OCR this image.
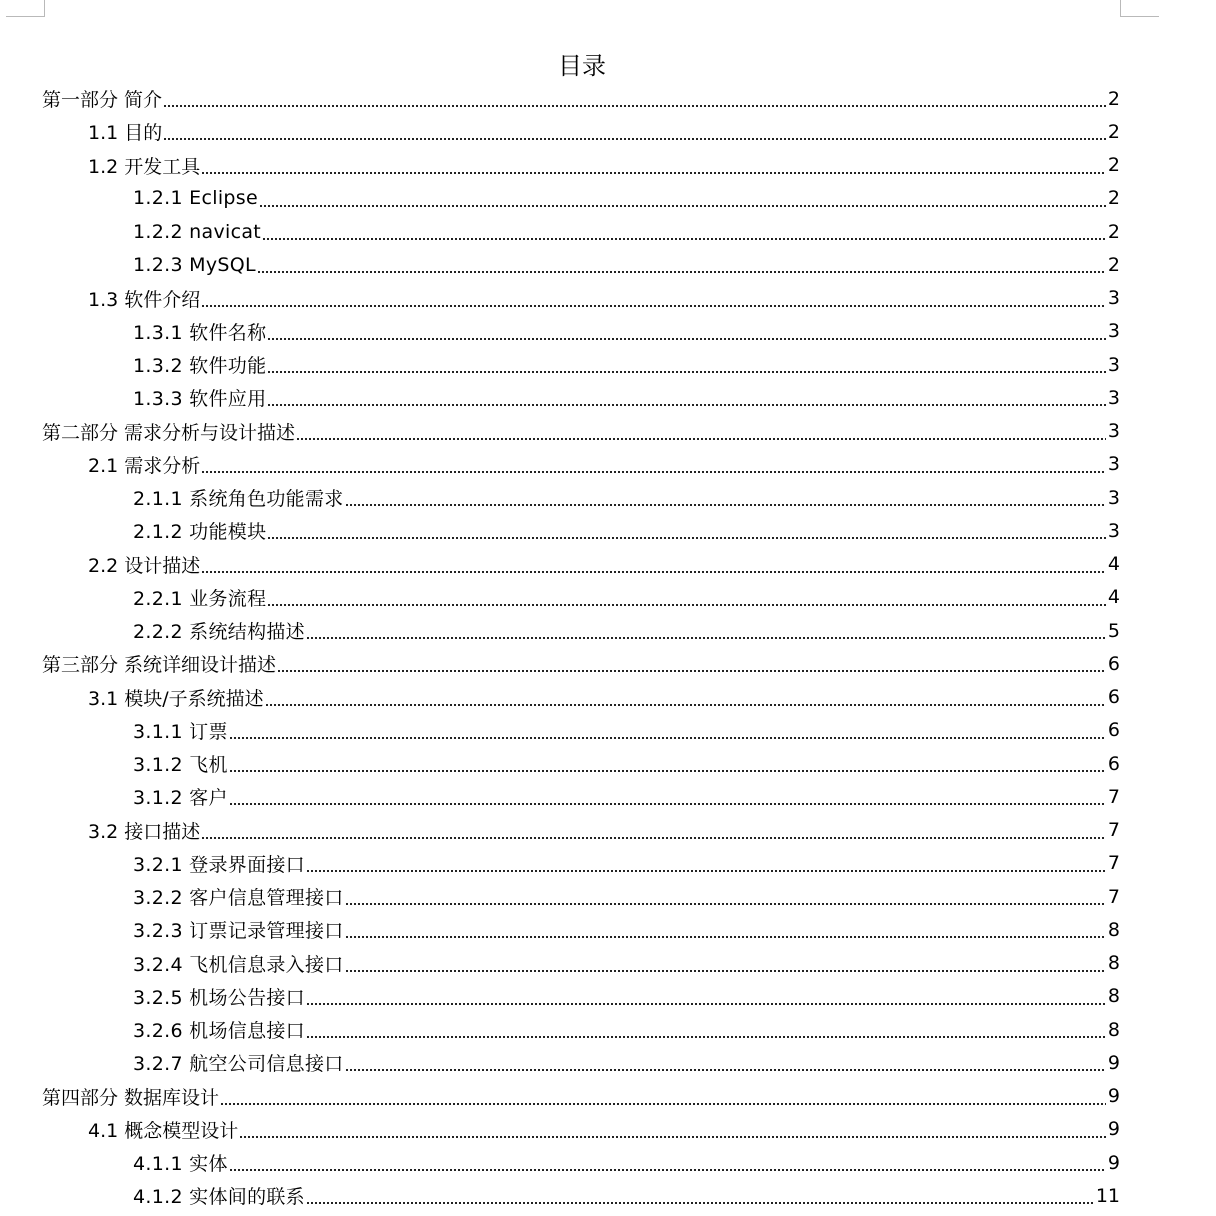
目录
第一部分 简介	2
1.1 目的	2
1.2 开发工具	2
1.2.1 Eclipse	2
1.2.2 navicat	2
1.2.3 MySQL	2
1.3 软件介绍	3
1.3.1 软件名称	3
1.3.2 软件功能	3
1.3.3 软件应用	3
第二部分 需求分析与设计描述	3
2.1 需求分析	3
2.1.1 系统角色功能需求	3
2.1.2 功能模块	3
2.2 设计描述	4
2.2.1 业务流程	4
2.2.2 系统结构描述	5
第三部分 系统详细设计描述	6
3.1 模块/子系统描述	6
3.1.1 订票	6
3.1.2 飞机	6
3.1.2 客户	7
3.2 接口描述	7
3.2.1 登录界面接口	7
3.2.2 客户信息管理接口	7
3.2.3 订票记录管理接口	8
3.2.4 飞机信息录入接口	8
3.2.5 机场公告接口	8
3.2.6 机场信息接口	8
3.2.7 航空公司信息接口	9
第四部分 数据库设计	9
4.1 概念模型设计	9
4.1.1 实体	9
4.1.2 实体间的联系	11
